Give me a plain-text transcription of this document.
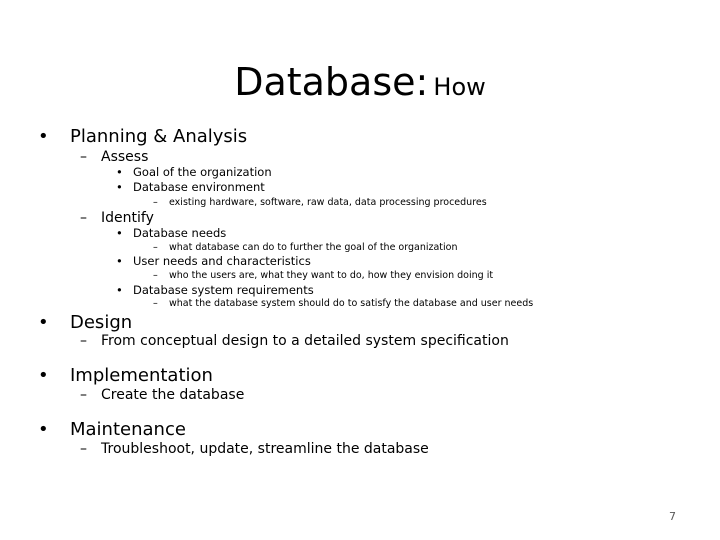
Database: How
• Planning & Analysis
– Assess
• Goal of the organization
• Database environment
– existing hardware, software, raw data, data processing procedures
– Identify
• Database needs
– what database can do to further the goal of the organization
• User needs and characteristics
– who the users are, what they want to do, how they envision doing it
• Database system requirements
– what the database system should do to satisfy the database and user needs
• Design
– From conceptual design to a detailed system specification
• Implementation
– Create the database
• Maintenance
– Troubleshoot, update, streamline the database
7
